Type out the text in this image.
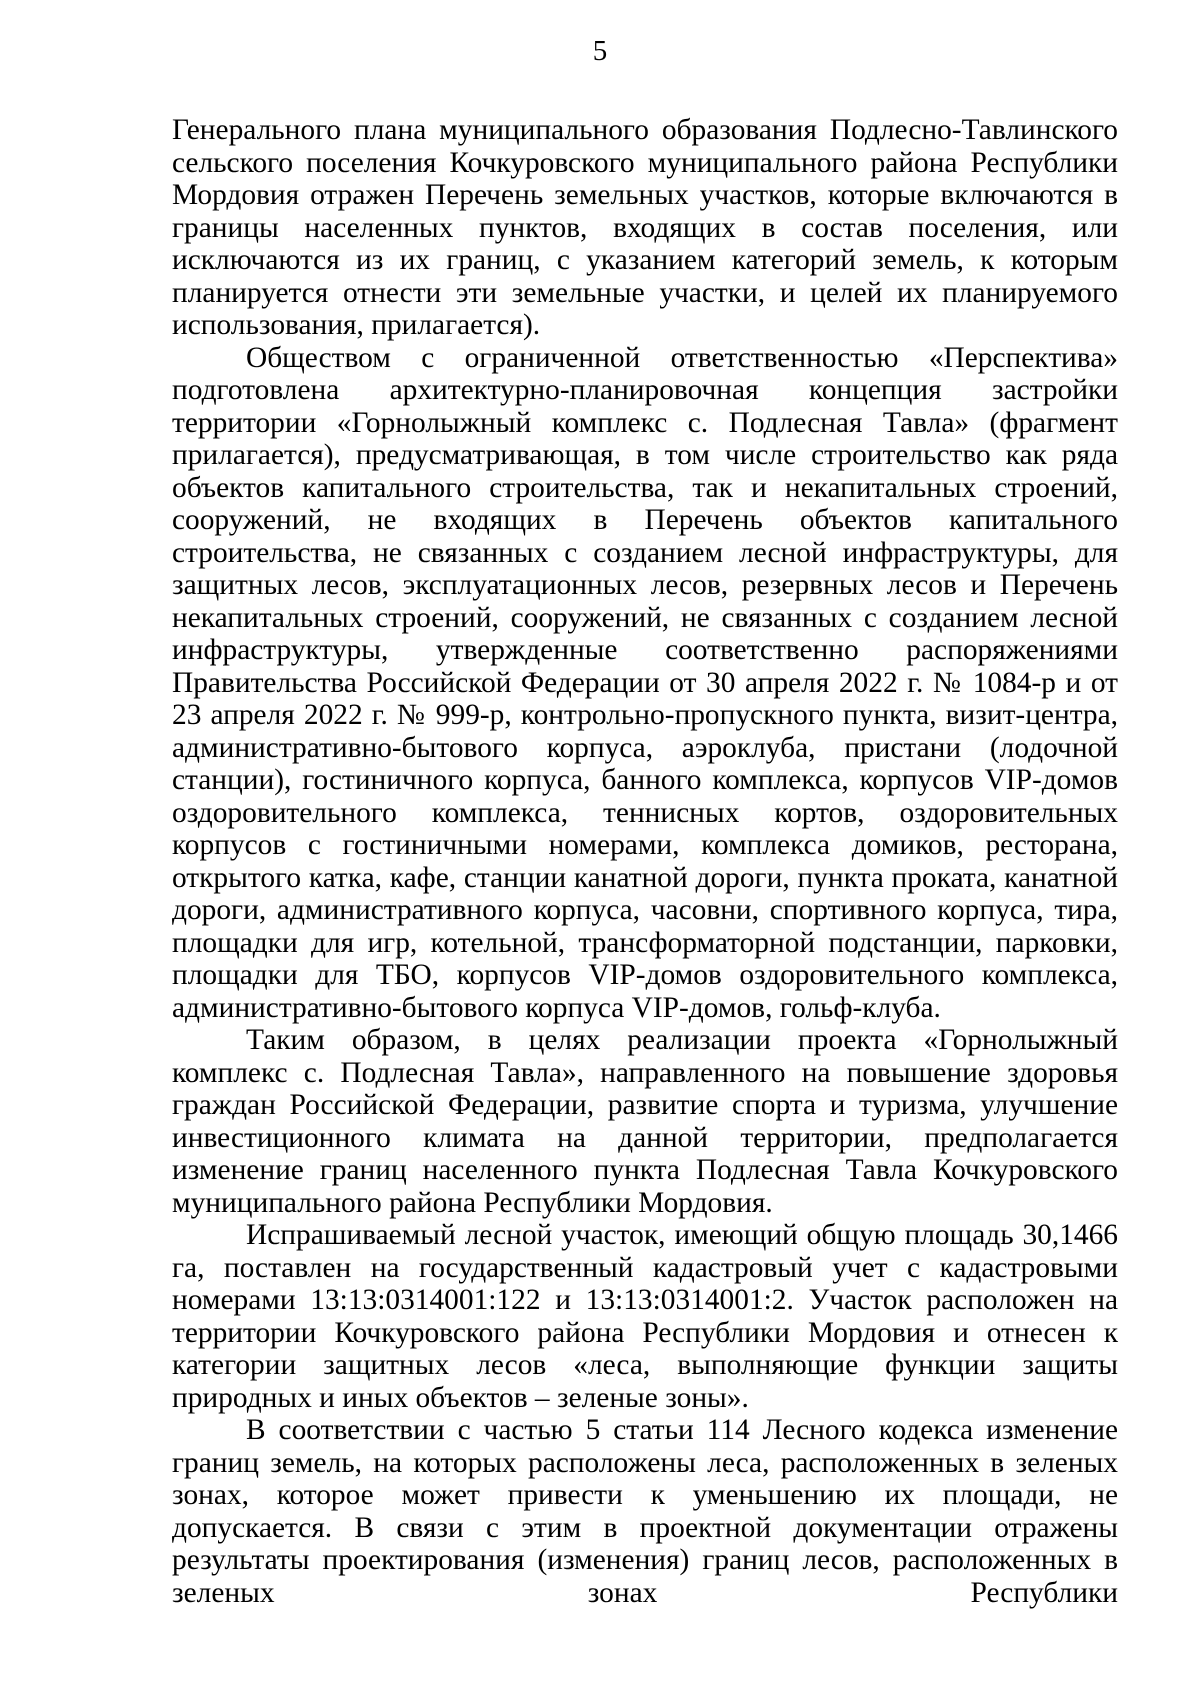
5

Генерального плана муниципального образования Подлесно-Тавлинского сельского поселения Кочкуровского муниципального района Республики Мордовия отражен Перечень земельных участков, которые включаются в границы населенных пунктов, входящих в состав поселения, или исключаются из их границ, с указанием категорий земель, к которым планируется отнести эти земельные участки, и целей их планируемого использования, прилагается).

Обществом с ограниченной ответственностью «Перспектива» подготовлена архитектурно-планировочная концепция застройки территории «Горнолыжный комплекс с. Подлесная Тавла» (фрагмент прилагается), предусматривающая, в том числе строительство как ряда объектов капитального строительства, так и некапитальных строений, сооружений, не входящих в Перечень объектов капитального строительства, не связанных с созданием лесной инфраструктуры, для защитных лесов, эксплуатационных лесов, резервных лесов и Перечень некапитальных строений, сооружений, не связанных с созданием лесной инфраструктуры, утвержденные соответственно распоряжениями Правительства Российской Федерации от 30 апреля 2022 г. № 1084-р и от 23 апреля 2022 г. № 999-р, контрольно-пропускного пункта, визит-центра, административно-бытового корпуса, аэроклуба, пристани (лодочной станции), гостиничного корпуса, банного комплекса, корпусов VIP-домов оздоровительного комплекса, теннисных кортов, оздоровительных корпусов с гостиничными номерами, комплекса домиков, ресторана, открытого катка, кафе, станции канатной дороги, пункта проката, канатной дороги, административного корпуса, часовни, спортивного корпуса, тира, площадки для игр, котельной, трансформаторной подстанции, парковки, площадки для ТБО, корпусов VIP-домов оздоровительного комплекса, административно-бытового корпуса VIP-домов, гольф-клуба.

Таким образом, в целях реализации проекта «Горнолыжный комплекс с. Подлесная Тавла», направленного на повышение здоровья граждан Российской Федерации, развитие спорта и туризма, улучшение инвестиционного климата на данной территории, предполагается изменение границ населенного пункта Подлесная Тавла Кочкуровского муниципального района Республики Мордовия.

Испрашиваемый лесной участок, имеющий общую площадь 30,1466 га, поставлен на государственный кадастровый учет с кадастровыми номерами 13:13:0314001:122 и 13:13:0314001:2. Участок расположен на территории Кочкуровского района Республики Мордовия и отнесен к категории защитных лесов «леса, выполняющие функции защиты природных и иных объектов – зеленые зоны».

В соответствии с частью 5 статьи 114 Лесного кодекса изменение границ земель, на которых расположены леса, расположенных в зеленых зонах, которое может привести к уменьшению их площади, не допускается. В связи с этим в проектной документации отражены результаты проектирования (изменения) границ лесов, расположенных в зеленых зонах Республики
